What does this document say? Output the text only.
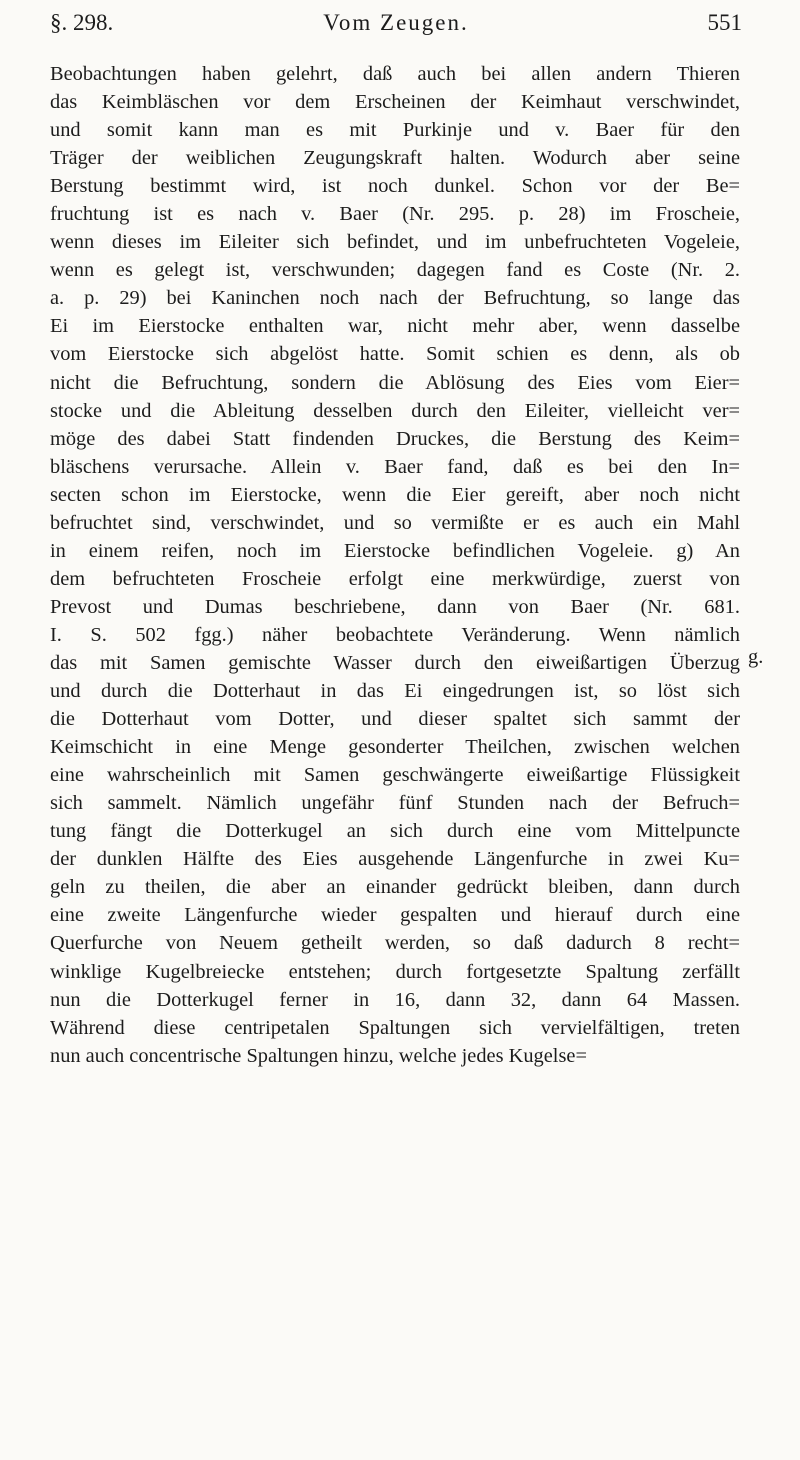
§. 298.	Vom Zeugen.	551
Beobachtungen haben gelehrt, daß auch bei allen andern Thieren
das Keimbläschen vor dem Erscheinen der Keimhaut verschwindet,
und somit kann man es mit Purkinje und v. Baer für den
Träger der weiblichen Zeugungskraft halten. Wodurch aber seine
Berstung bestimmt wird, ist noch dunkel. Schon vor der Be=
fruchtung ist es nach v. Baer (Nr. 295. p. 28) im Froscheie,
wenn dieses im Eileiter sich befindet, und im unbefruchteten Vogeleie,
wenn es gelegt ist, verschwunden; dagegen fand es Coste (Nr. 2.
a. p. 29) bei Kaninchen noch nach der Befruchtung, so lange das
Ei im Eierstocke enthalten war, nicht mehr aber, wenn dasselbe
vom Eierstocke sich abgelöst hatte. Somit schien es denn, als ob
nicht die Befruchtung, sondern die Ablösung des Eies vom Eier=
stocke und die Ableitung desselben durch den Eileiter, vielleicht ver=
möge des dabei Statt findenden Druckes, die Berstung des Keim=
bläschens verursache. Allein v. Baer fand, daß es bei den In=
secten schon im Eierstocke, wenn die Eier gereift, aber noch nicht
befruchtet sind, verschwindet, und so vermißte er es auch ein Mahl
in einem reifen, noch im Eierstocke befindlichen Vogeleie. g) An
dem befruchteten Froscheie erfolgt eine merkwürdige, zuerst von
Prevost und Dumas beschriebene, dann von Baer (Nr. 681.
I. S. 502 fgg.) näher beobachtete Veränderung. Wenn nämlich
das mit Samen gemischte Wasser durch den eiweißartigen Überzug
und durch die Dotterhaut in das Ei eingedrungen ist, so löst sich
die Dotterhaut vom Dotter, und dieser spaltet sich sammt der
Keimschicht in eine Menge gesonderter Theilchen, zwischen welchen
eine wahrscheinlich mit Samen geschwängerte eiweißartige Flüssigkeit
sich sammelt. Nämlich ungefähr fünf Stunden nach der Befruch=
tung fängt die Dotterkugel an sich durch eine vom Mittelpuncte
der dunklen Hälfte des Eies ausgehende Längenfurche in zwei Ku=
geln zu theilen, die aber an einander gedrückt bleiben, dann durch
eine zweite Längenfurche wieder gespalten und hierauf durch eine
Querfurche von Neuem getheilt werden, so daß dadurch 8 recht=
winklige Kugelbreiecke entstehen; durch fortgesetzte Spaltung zerfällt
nun die Dotterkugel ferner in 16, dann 32, dann 64 Massen.
Während diese centripetalen Spaltungen sich vervielfältigen, treten
nun auch concentrische Spaltungen hinzu, welche jedes Kugelse=
g.
